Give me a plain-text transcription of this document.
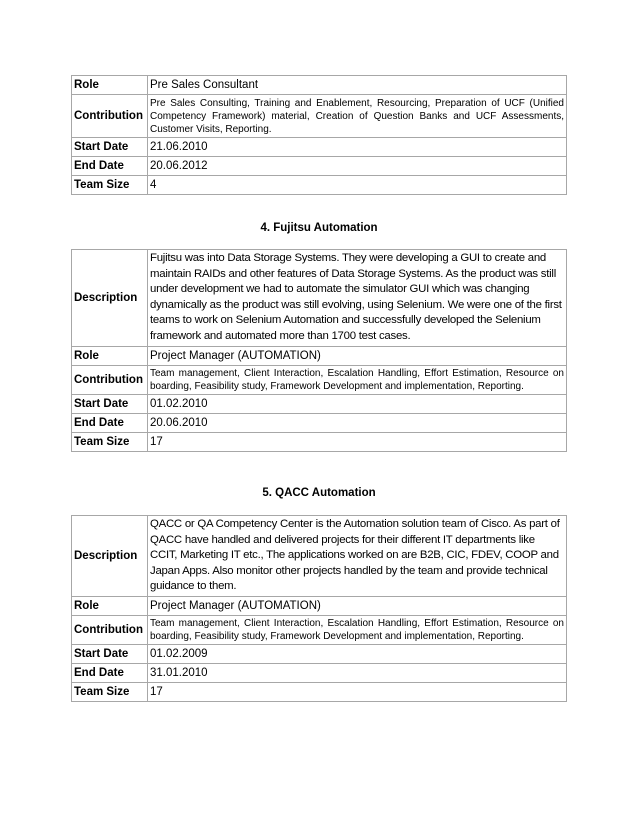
Role	Pre Sales Consultant
Contribution	Pre Sales Consulting, Training and Enablement, Resourcing, Preparation of UCF (Unified Competency Framework) material, Creation of Question Banks and UCF Assessments, Customer Visits, Reporting.
Start Date	21.06.2010
End Date	20.06.2012
Team Size	4
4. Fujitsu Automation
Description	Fujitsu was into Data Storage Systems. They were developing a GUI to create and maintain RAIDs and other features of Data Storage Systems. As the product was still under development we had to automate the simulator GUI which was changing dynamically as the product was still evolving, using Selenium. We were one of the first teams to work on Selenium Automation and successfully developed the Selenium framework and automated more than 1700 test cases.
Role	Project Manager (AUTOMATION)
Contribution	Team management, Client Interaction, Escalation Handling, Effort Estimation, Resource on boarding, Feasibility study, Framework Development and implementation, Reporting.
Start Date	01.02.2010
End Date	20.06.2010
Team Size	17
5. QACC Automation
Description	QACC or QA Competency Center is the Automation solution team of Cisco. As part of QACC have handled and delivered projects for their different IT departments like CCIT, Marketing IT etc., The applications worked on are B2B, CIC, FDEV, COOP and Japan Apps. Also monitor other projects handled by the team and provide technical guidance to them.
Role	Project Manager (AUTOMATION)
Contribution	Team management, Client Interaction, Escalation Handling, Effort Estimation, Resource on boarding, Feasibility study, Framework Development and implementation, Reporting.
Start Date	01.02.2009
End Date	31.01.2010
Team Size	17
